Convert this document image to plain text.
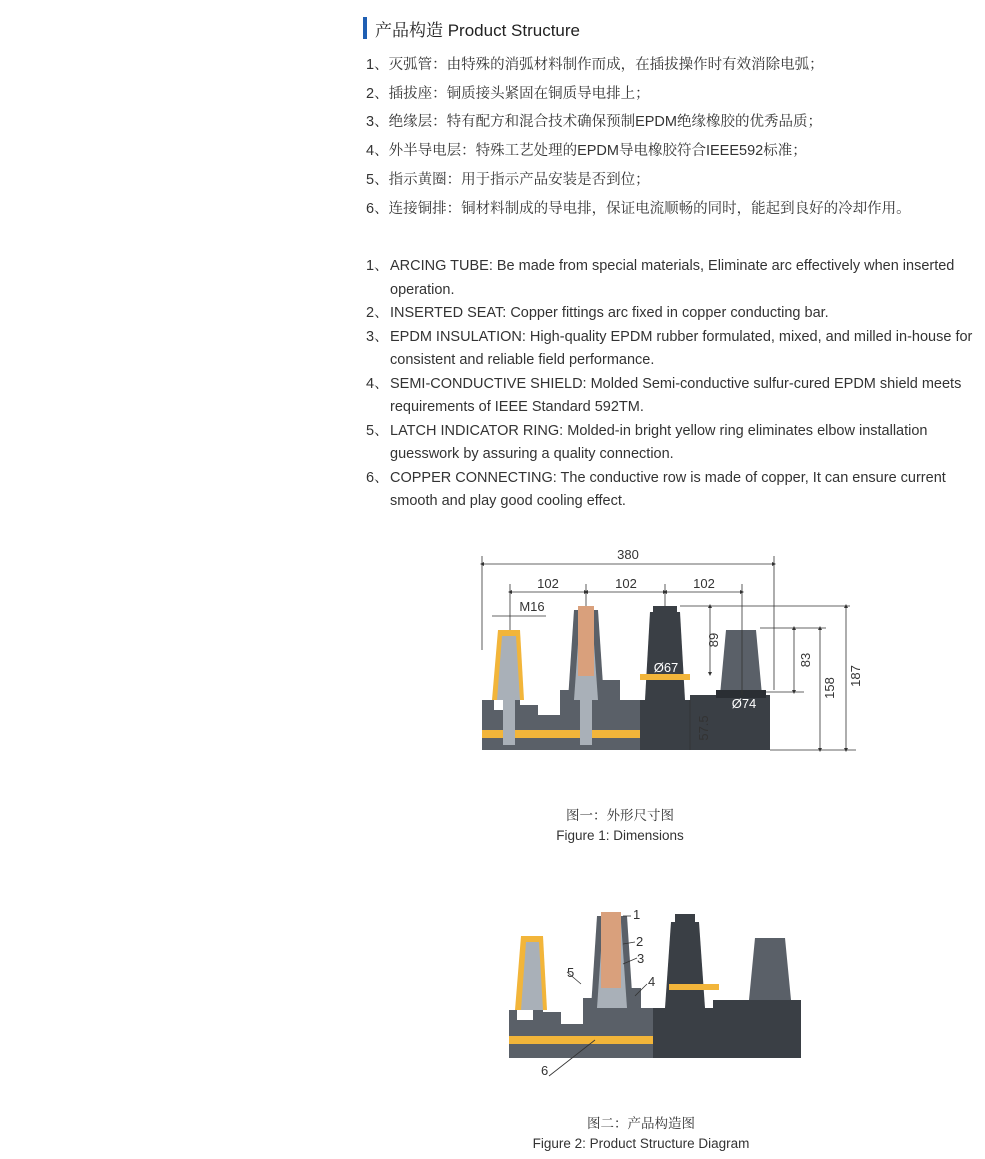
产品构造 Product Structure
1、灭弧管：由特殊的消弧材料制作而成，在插拔操作时有效消除电弧；
2、插拔座：铜质接头紧固在铜质导电排上；
3、绝缘层：特有配方和混合技术确保预制EPDM绝缘橡胶的优秀品质；
4、外半导电层：特殊工艺处理的EPDM导电橡胶符合IEEE592标准；
5、指示黄圈：用于指示产品安装是否到位；
6、连接铜排：铜材料制成的导电排，保证电流顺畅的同时，能起到良好的冷却作用。
1、 ARCING TUBE: Be made from special materials, Eliminate arc effectively when inserted operation.
2、 INSERTED SEAT: Copper fittings arc fixed in copper conducting bar.
3、 EPDM INSULATION: High-quality EPDM rubber formulated, mixed, and milled in-house for consistent and reliable field performance.
4、 SEMI-CONDUCTIVE SHIELD: Molded Semi-conductive sulfur-cured EPDM shield meets requirements of IEEE Standard 592TM.
5、 LATCH INDICATOR RING: Molded-in bright yellow ring eliminates elbow installation guesswork by assuring a quality connection.
6、 COPPER CONNECTING: The conductive row is made of copper, It can ensure current smooth and play good cooling effect.
380
102	102	102
M16
Ø67
Ø74
89
83
158
187
57.5
图一：外形尺寸图
Figure 1: Dimensions
1
2
3
4
5
6
图二：产品构造图
Figure 2: Product Structure Diagram
